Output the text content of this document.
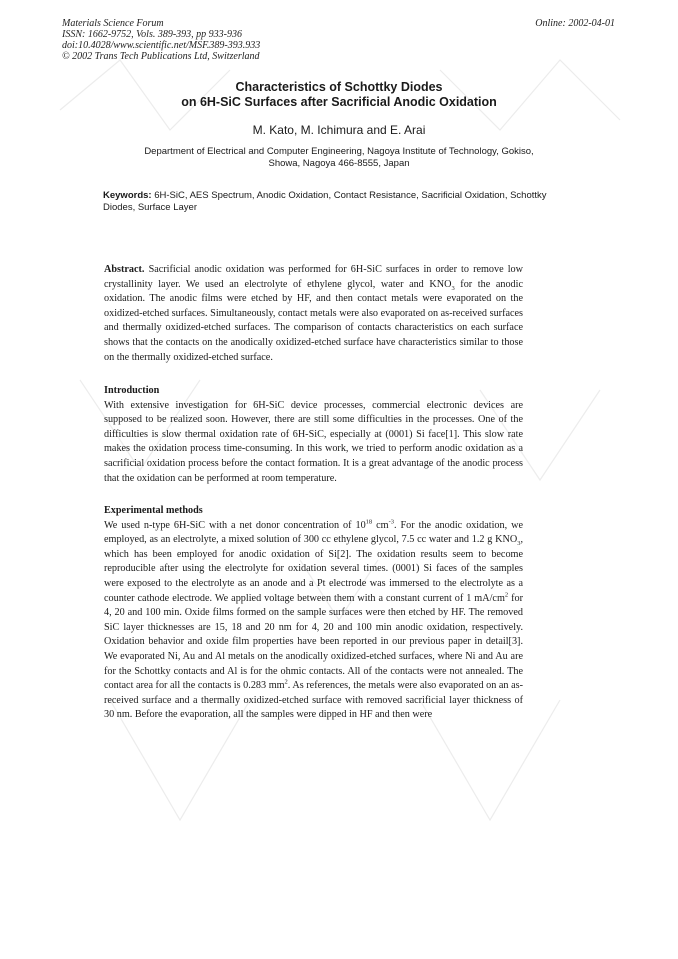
Materials Science Forum
ISSN: 1662-9752, Vols. 389-393, pp 933-936
doi:10.4028/www.scientific.net/MSF.389-393.933
© 2002 Trans Tech Publications Ltd, Switzerland
Online: 2002-04-01
Characteristics of Schottky Diodes
on 6H-SiC Surfaces after Sacrificial Anodic Oxidation
M. Kato, M. Ichimura and E. Arai
Department of Electrical and Computer Engineering, Nagoya Institute of Technology, Gokiso,
Showa, Nagoya 466-8555, Japan
Keywords: 6H-SiC, AES Spectrum, Anodic Oxidation, Contact Resistance, Sacrificial Oxidation, Schottky Diodes, Surface Layer
Abstract. Sacrificial anodic oxidation was performed for 6H-SiC surfaces in order to remove low crystallinity layer. We used an electrolyte of ethylene glycol, water and $KNO_3$ for the anodic oxidation. The anodic films were etched by HF, and then contact metals were evaporated on the oxidized-etched surfaces. Simultaneously, contact metals were also evaporated on as-received surfaces and thermally oxidized-etched surfaces. The comparison of contacts characteristics on each surface shows that the contacts on the anodically oxidized-etched surface have characteristics similar to those on the thermally oxidized-etched surface.
Introduction
With extensive investigation for 6H-SiC device processes, commercial electronic devices are supposed to be realized soon. However, there are still some difficulties in the processes. One of the difficulties is slow thermal oxidation rate of 6H-SiC, especially at (0001) Si face[1]. This slow rate makes the oxidation process time-consuming. In this work, we tried to perform anodic oxidation as a sacrificial oxidation process before the contact formation. It is a great advantage of the anodic process that the oxidation can be performed at room temperature.
Experimental methods
We used n-type 6H-SiC with a net donor concentration of $10^{18}$ $cm^{-3}$. For the anodic oxidation, we employed, as an electrolyte, a mixed solution of 300 cc ethylene glycol, 7.5 cc water and 1.2 g $KNO_3$, which has been employed for anodic oxidation of Si[2]. The oxidation results seem to become reproducible after using the electrolyte for oxidation several times. (0001) Si faces of the samples were exposed to the electrolyte as an anode and a Pt electrode was immersed to the electrolyte as a counter cathode electrode. We applied voltage between them with a constant current of 1 $mA/cm^2$ for 4, 20 and 100 min. Oxide films formed on the sample surfaces were then etched by HF. The removed SiC layer thicknesses are 15, 18 and 20 nm for 4, 20 and 100 min anodic oxidation, respectively. Oxidation behavior and oxide film properties have been reported in our previous paper in detail[3]. We evaporated Ni, Au and Al metals on the anodically oxidized-etched surfaces, where Ni and Au are for the Schottky contacts and Al is for the ohmic contacts. All of the contacts were not annealed. The contact area for all the contacts is 0.283 $mm^2$. As references, the metals were also evaporated on an as-received surface and a thermally oxidized-etched surface with removed sacrificial layer thickness of 30 nm. Before the evaporation, all the samples were dipped in HF and then were
